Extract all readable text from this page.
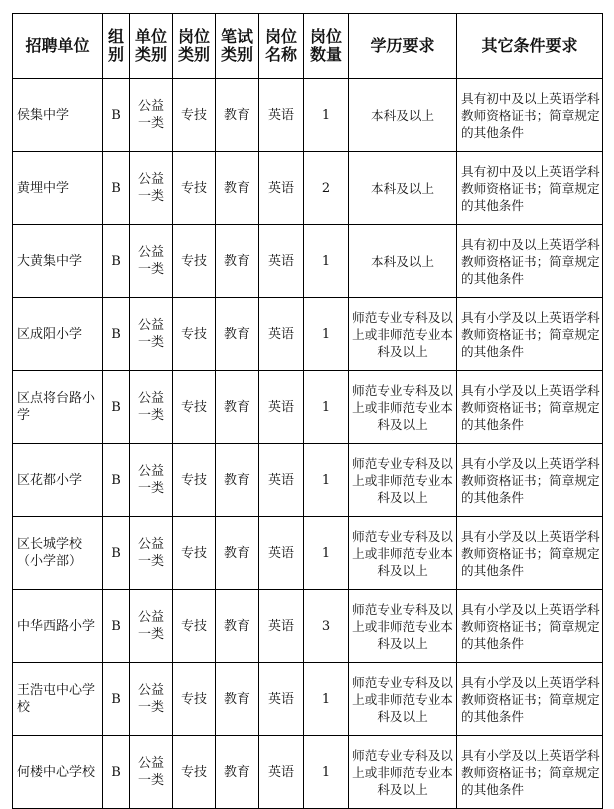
招聘单位	组别	单位类别	岗位类别	笔试类别	岗位名称	岗位数量	学历要求	其它条件要求
侯集中学	B	公益一类	专技	教育	英语	1	本科及以上	具有初中及以上英语学科教师资格证书；简章规定的其他条件
黄埋中学	B	公益一类	专技	教育	英语	2	本科及以上	具有初中及以上英语学科教师资格证书；简章规定的其他条件
大黄集中学	B	公益一类	专技	教育	英语	1	本科及以上	具有初中及以上英语学科教师资格证书；简章规定的其他条件
区成阳小学	B	公益一类	专技	教育	英语	1	师范专业专科及以上或非师范专业本科及以上	具有小学及以上英语学科教师资格证书；简章规定的其他条件
区点将台路小学	B	公益一类	专技	教育	英语	1	师范专业专科及以上或非师范专业本科及以上	具有小学及以上英语学科教师资格证书；简章规定的其他条件
区花都小学	B	公益一类	专技	教育	英语	1	师范专业专科及以上或非师范专业本科及以上	具有小学及以上英语学科教师资格证书；简章规定的其他条件
区长城学校（小学部）	B	公益一类	专技	教育	英语	1	师范专业专科及以上或非师范专业本科及以上	具有小学及以上英语学科教师资格证书；简章规定的其他条件
中华西路小学	B	公益一类	专技	教育	英语	3	师范专业专科及以上或非师范专业本科及以上	具有小学及以上英语学科教师资格证书；简章规定的其他条件
王浩屯中心学校	B	公益一类	专技	教育	英语	1	师范专业专科及以上或非师范专业本科及以上	具有小学及以上英语学科教师资格证书；简章规定的其他条件
何楼中心学校	B	公益一类	专技	教育	英语	1	师范专业专科及以上或非师范专业本科及以上	具有小学及以上英语学科教师资格证书；简章规定的其他条件
